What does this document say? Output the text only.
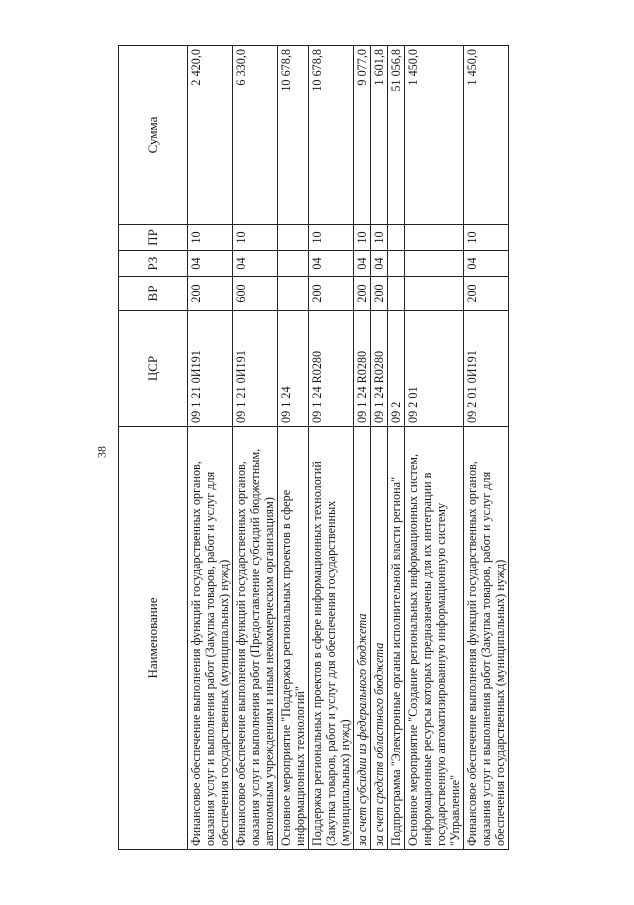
38
Наименование	ЦСР	ВР	РЗ	ПР	Сумма
Финансовое обеспечение выполнения функций государственных органов, оказания услуг и выполнения работ (Закупка товаров, работ и услуг для обеспечения государственных (муниципальных) нужд)	09 1 21 0И191	200	04	10	2 420,0
Финансовое обеспечение выполнения функций государственных органов, оказания услуг и выполнения работ (Предоставление субсидий бюджетным, автономным учреждениям и иным некоммерческим организациям)	09 1 21 0И191	600	04	10	6 330,0
Основное мероприятие "Поддержка региональных проектов в сфере информационных технологий"	09 1 24				10 678,8
Поддержка региональных проектов в сфере информационных технологий (Закупка товаров, работ и услуг для обеспечения государственных (муниципальных) нужд)	09 1 24 R0280	200	04	10	10 678,8
за счет субсидии из федерального бюджета	09 1 24 R0280	200	04	10	9 077,0
за счет средств областного бюджета	09 1 24 R0280	200	04	10	1 601,8
Подпрограмма "Электронные органы исполнительной власти региона"	09 2				51 056,8
Основное мероприятие "Создание региональных информационных систем, информационные ресурсы которых предназначены для их интеграции в государственную автоматизированную информационную систему "Управление"	09 2 01				1 450,0
Финансовое обеспечение выполнения функций государственных органов, оказания услуг и выполнения работ (Закупка товаров, работ и услуг для обеспечения государственных (муниципальных) нужд)	09 2 01 0И191	200	04	10	1 450,0
